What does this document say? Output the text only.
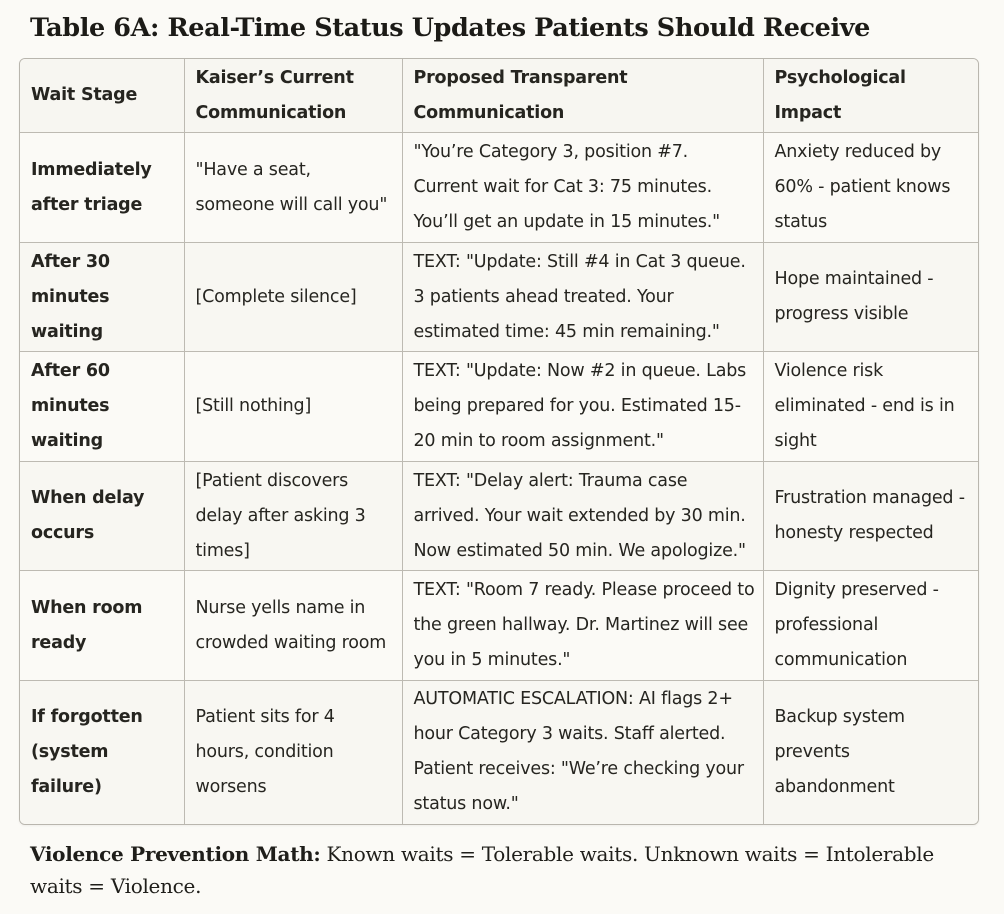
Table 6A: Real-Time Status Updates Patients Should Receive
Wait Stage	Kaiser’s Current Communication	Proposed Transparent Communication	Psychological Impact
Immediately after triage	"Have a seat, someone will call you"	"You’re Category 3, position #7. Current wait for Cat 3: 75 minutes. You’ll get an update in 15 minutes."	Anxiety reduced by 60% - patient knows status
After 30 minutes waiting	[Complete silence]	TEXT: "Update: Still #4 in Cat 3 queue. 3 patients ahead treated. Your estimated time: 45 min remaining."	Hope maintained - progress visible
After 60 minutes waiting	[Still nothing]	TEXT: "Update: Now #2 in queue. Labs being prepared for you. Estimated 15-20 min to room assignment."	Violence risk eliminated - end is in sight
When delay occurs	[Patient discovers delay after asking 3 times]	TEXT: "Delay alert: Trauma case arrived. Your wait extended by 30 min. Now estimated 50 min. We apologize."	Frustration managed - honesty respected
When room ready	Nurse yells name in crowded waiting room	TEXT: "Room 7 ready. Please proceed to the green hallway. Dr. Martinez will see you in 5 minutes."	Dignity preserved - professional communication
If forgotten (system failure)	Patient sits for 4 hours, condition worsens	AUTOMATIC ESCALATION: AI flags 2+ hour Category 3 waits. Staff alerted. Patient receives: "We’re checking your status now."	Backup system prevents abandonment
Violence Prevention Math: Known waits = Tolerable waits. Unknown waits = Intolerable waits = Violence.
